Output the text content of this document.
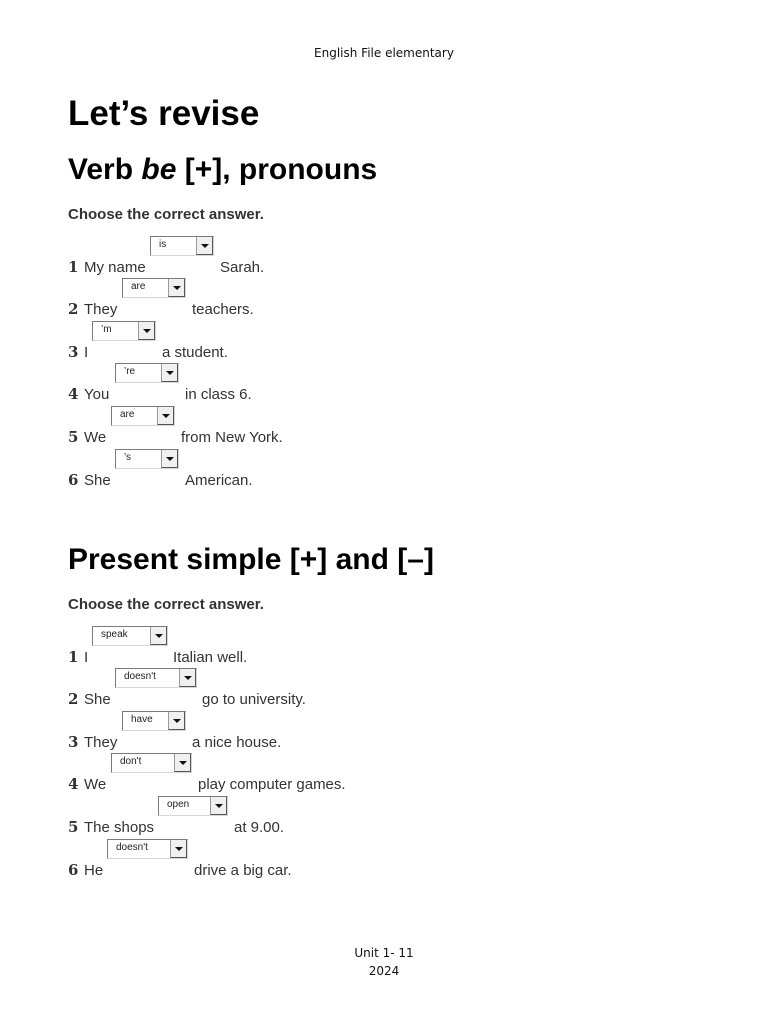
English File elementary
Let’s revise
Verb be [+], pronouns

Choose the correct answer.

1 My name
is
Sarah.
2 They
are
teachers.
3 I
’m
a student.
4 You
’re
in class 6.
5 We
are
from New York.
6 She
’s
American.
Present simple [+] and [–]

Choose the correct answer.

1 I
speak
Italian well.
2 She
doesn't
go to university.
3 They
have
a nice house.
4 We
don't
play computer games.
5 The shops
open
at 9.00.
6 He
doesn't
drive a big car.
Unit 1- 11
2024
